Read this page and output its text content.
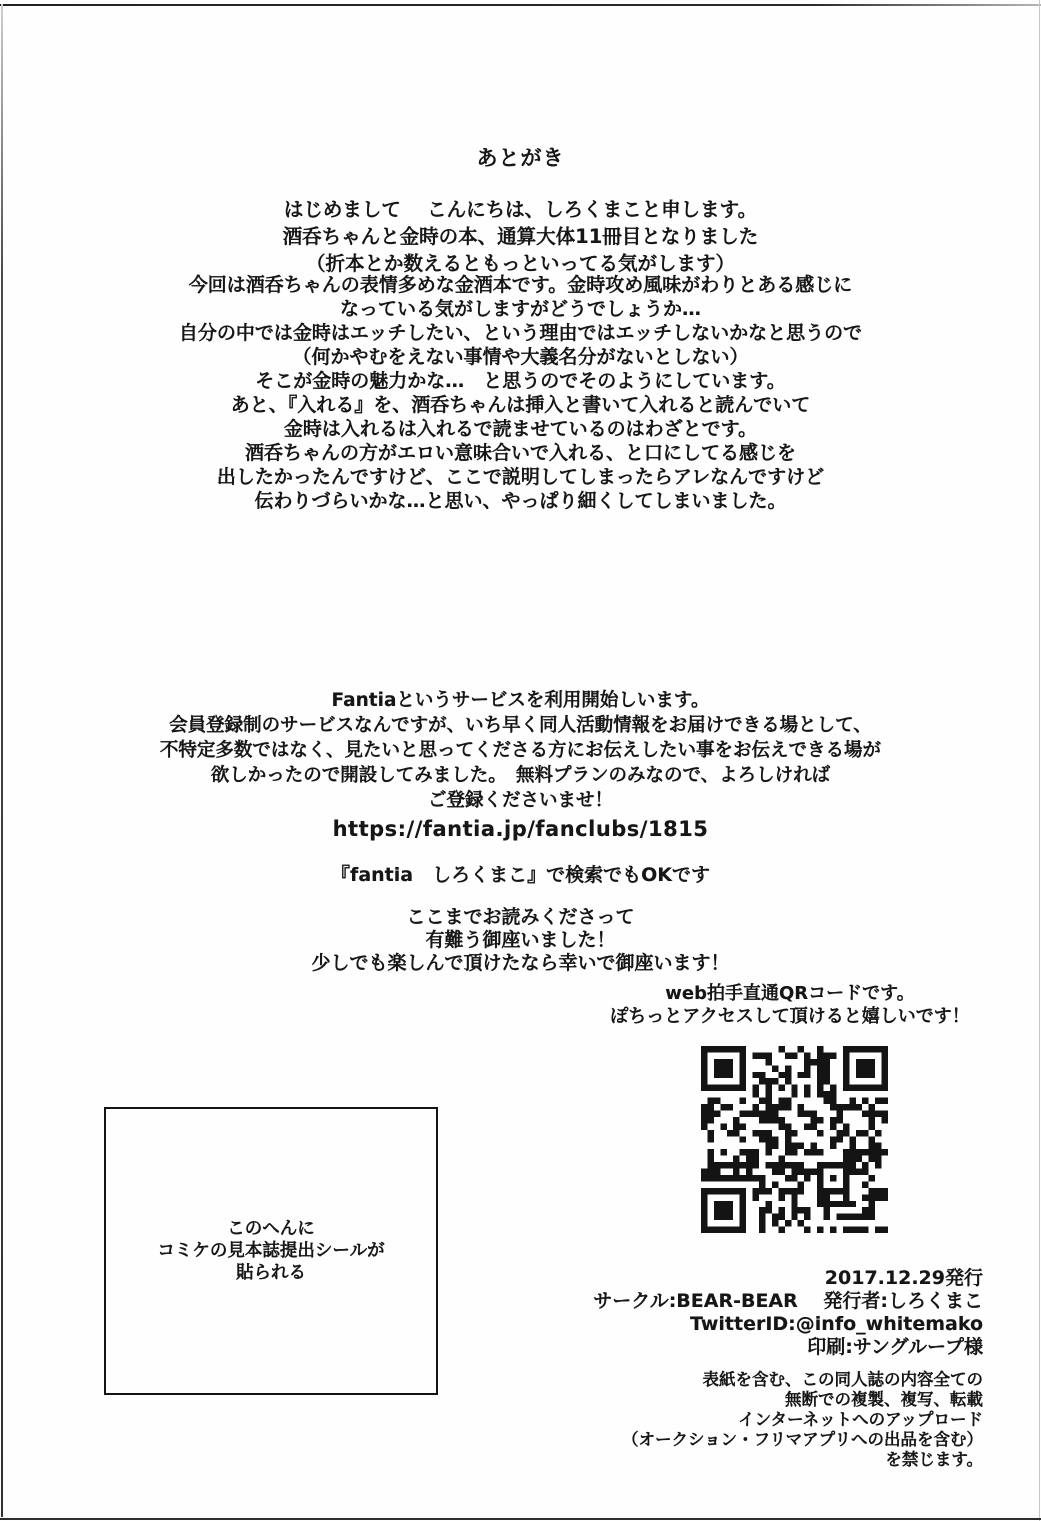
あとがき
はじめまして　 こんにちは、しろくまこと申します。
酒呑ちゃんと金時の本、通算大体11冊目となりました
（折本とか数えるともっといってる気がします）
今回は酒呑ちゃんの表情多めな金酒本です。金時攻め風味がわりとある感じに
なっている気がしますがどうでしょうか…
自分の中では金時はエッチしたい、という理由ではエッチしないかなと思うので
（何かやむをえない事情や大義名分がないとしない）
そこが金時の魅力かな…　と思うのでそのようにしています。
あと、『入れる』を、酒呑ちゃんは挿入と書いて入れると読んでいて
金時は入れるは入れるで読ませているのはわざとです。
酒呑ちゃんの方がエロい意味合いで入れる、と口にしてる感じを
出したかったんですけど、ここで説明してしまったらアレなんですけど
伝わりづらいかな…と思い、やっぱり細くしてしまいました。
Fantiaというサービスを利用開始しいます。
会員登録制のサービスなんですが、いち早く同人活動情報をお届けできる場として、
不特定多数ではなく、見たいと思ってくださる方にお伝えしたい事をお伝えできる場が
欲しかったので開設してみました。　無料プランのみなので、よろしければ
ご登録くださいませ！
https://fantia.jp/fanclubs/1815
『fantia　しろくまこ』で検索でもOKです
ここまでお読みくださって
有難う御座いました！
少しでも楽しんで頂けたなら幸いで御座います！
web拍手直通QRコードです。
ぽちっとアクセスして頂けると嬉しいです！
このへんに
コミケの見本誌提出シールが
貼られる	2017.12.29発行
サークル:BEAR-BEAR　 発行者:しろくまこ
TwitterID:@info_whitemako
印刷:サングループ様
表紙を含む、この同人誌の内容全ての
無断での複製、複写、転載
インターネットへのアップロード
（オークション・フリマアプリへの出品を含む）
を禁じます。
